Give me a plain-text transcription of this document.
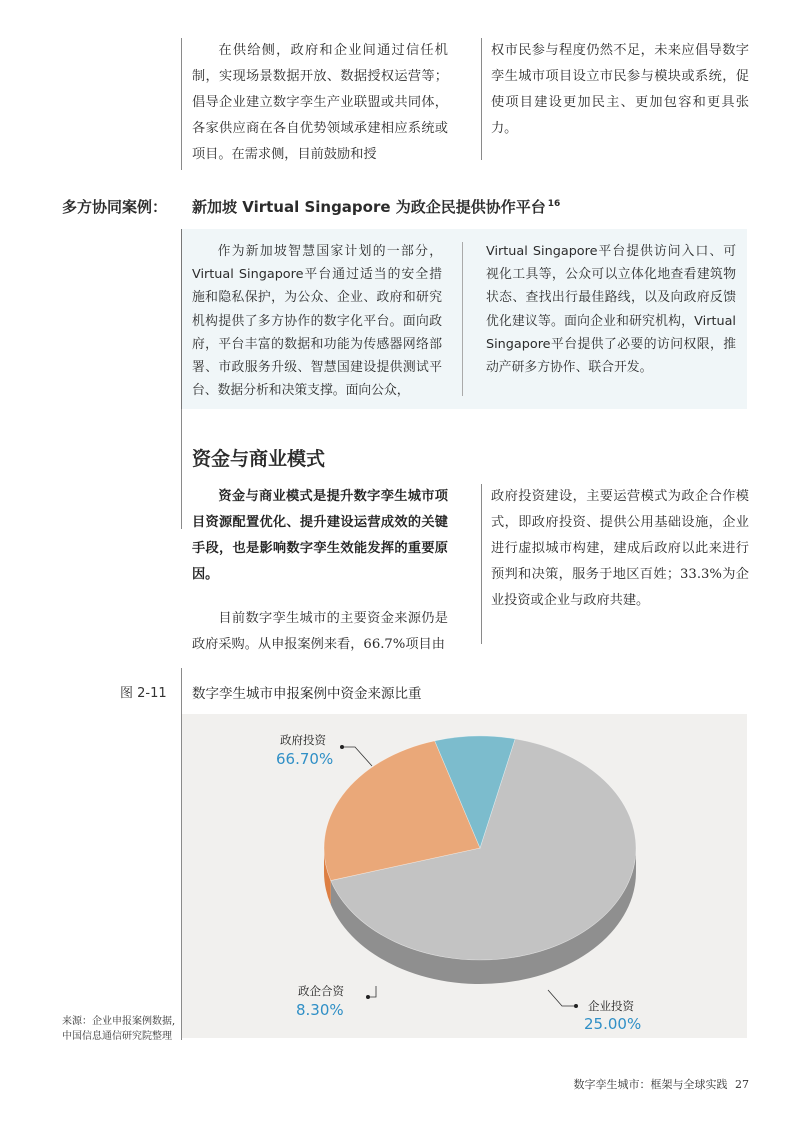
在供给侧，政府和企业间通过信任机制，实现场景数据开放、数据授权运营等；倡导企业建立数字孪生产业联盟或共同体，各家供应商在各自优势领域承建相应系统或项目。在需求侧，目前鼓励和授

权市民参与程度仍然不足，未来应倡导数字孪生城市项目设立市民参与模块或系统，促使项目建设更加民主、更加包容和更具张力。

多方协同案例： 新加坡 Virtual Singapore 为政企民提供协作平台 $^{16}$

作为新加坡智慧国家计划的一部分，Virtual Singapore平台通过适当的安全措施和隐私保护，为公众、企业、政府和研究机构提供了多方协作的数字化平台。面向政府，平台丰富的数据和功能为传感器网络部署、市政服务升级、智慧国建设提供测试平台、数据分析和决策支撑。面向公众，

Virtual Singapore平台提供访问入口、可视化工具等，公众可以立体化地查看建筑物状态、查找出行最佳路线，以及向政府反馈优化建议等。面向企业和研究机构，Virtual Singapore平台提供了必要的访问权限，推动产研多方协作、联合开发。

资金与商业模式

资金与商业模式是提升数字孪生城市项目资源配置优化、提升建设运营成效的关键手段，也是影响数字孪生效能发挥的重要原因。

目前数字孪生城市的主要资金来源仍是政府采购。从申报案例来看，66.7%项目由

政府投资建设，主要运营模式为政企合作模式，即政府投资、提供公用基础设施，企业进行虚拟城市构建，建成后政府以此来进行预判和决策，服务于地区百姓；33.3%为企业投资或企业与政府共建。

图 2-11 数字孪生城市申报案例中资金来源比重
政府投资
66.70%
政企合资
8.30%	企业投资
25.00%
来源：企业申报案例数据,
中国信息通信研究院整理
数字孪生城市：框架与全球实践 27
